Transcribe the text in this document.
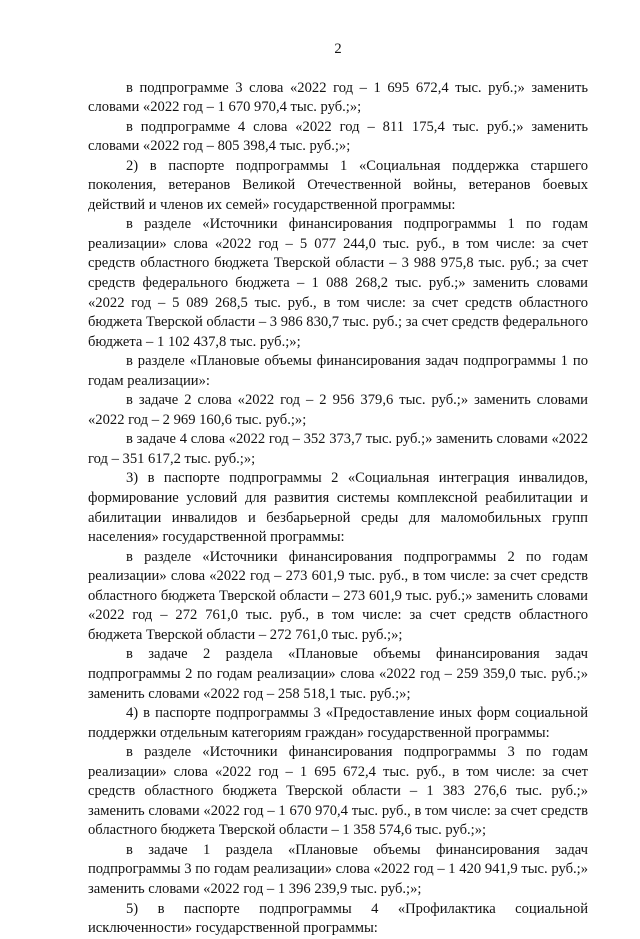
2

в подпрограмме 3 слова «2022 год – 1 695 672,4 тыс. руб.;» заменить словами «2022 год – 1 670 970,4 тыс. руб.;»;

в подпрограмме 4 слова «2022 год – 811 175,4 тыс. руб.;» заменить словами «2022 год – 805 398,4 тыс. руб.;»;

2) в паспорте подпрограммы 1 «Социальная поддержка старшего поколения, ветеранов Великой Отечественной войны, ветеранов боевых действий и членов их семей» государственной программы:

в разделе «Источники финансирования подпрограммы 1 по годам реализации» слова «2022 год – 5 077 244,0 тыс. руб., в том числе: за счет средств областного бюджета Тверской области – 3 988 975,8 тыс. руб.; за счет средств федерального бюджета – 1 088 268,2 тыс. руб.;» заменить словами «2022 год – 5 089 268,5 тыс. руб., в том числе: за счет средств областного бюджета Тверской области – 3 986 830,7 тыс. руб.; за счет средств федерального бюджета – 1 102 437,8 тыс. руб.;»;

в разделе «Плановые объемы финансирования задач подпрограммы 1 по годам реализации»:

в задаче 2 слова «2022 год – 2 956 379,6 тыс. руб.;» заменить словами «2022 год – 2 969 160,6 тыс. руб.;»;

в задаче 4 слова «2022 год – 352 373,7 тыс. руб.;» заменить словами «2022 год – 351 617,2 тыс. руб.;»;

3) в паспорте подпрограммы 2 «Социальная интеграция инвалидов, формирование условий для развития системы комплексной реабилитации и абилитации инвалидов и безбарьерной среды для маломобильных групп населения» государственной программы:

в разделе «Источники финансирования подпрограммы 2 по годам реализации» слова «2022 год – 273 601,9 тыс. руб., в том числе: за счет средств областного бюджета Тверской области – 273 601,9 тыс. руб.;» заменить словами «2022 год – 272 761,0 тыс. руб., в том числе: за счет средств областного бюджета Тверской области – 272 761,0 тыс. руб.;»;

в задаче 2 раздела «Плановые объемы финансирования задач подпрограммы 2 по годам реализации» слова «2022 год – 259 359,0 тыс. руб.;» заменить словами «2022 год – 258 518,1 тыс. руб.;»;

4) в паспорте подпрограммы 3 «Предоставление иных форм социальной поддержки отдельным категориям граждан» государственной программы:

в разделе «Источники финансирования подпрограммы 3 по годам реализации» слова «2022 год – 1 695 672,4 тыс. руб., в том числе: за счет средств областного бюджета Тверской области – 1 383 276,6 тыс. руб.;» заменить словами «2022 год – 1 670 970,4 тыс. руб., в том числе: за счет средств областного бюджета Тверской области – 1 358 574,6 тыс. руб.;»;

в задаче 1 раздела «Плановые объемы финансирования задач подпрограммы 3 по годам реализации» слова «2022 год – 1 420 941,9 тыс. руб.;» заменить словами «2022 год – 1 396 239,9 тыс. руб.;»;

5) в паспорте подпрограммы 4 «Профилактика социальной исключенности» государственной программы:
